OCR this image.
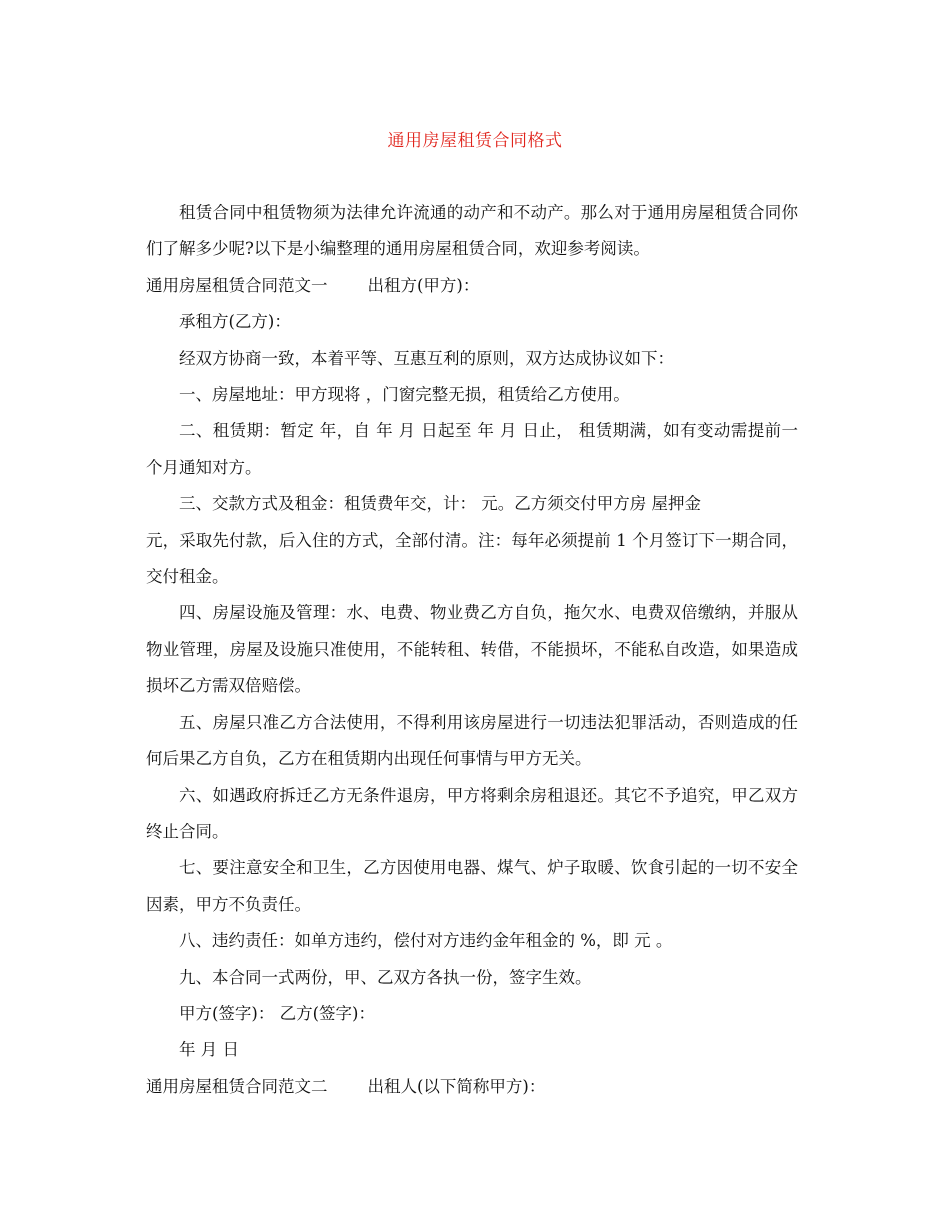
通用房屋租赁合同格式

租赁合同中租赁物须为法律允许流通的动产和不动产。那么对于通用房屋租赁合同你们了解多少呢?以下是小编整理的通用房屋租赁合同，欢迎参考阅读。

通用房屋租赁合同范文一 出租方(甲方)：

承租方(乙方)：

经双方协商一致，本着平等、互惠互利的原则，双方达成协议如下：

一、房屋地址：甲方现将 ，门窗完整无损，租赁给乙方使用。

二、租赁期：暂定 年，自 年 月 日起至 年 月 日止， 租赁期满，如有变动需提前一个月通知对方。

三、交款方式及租金：租赁费年交，计： 元。乙方须交付甲方房 屋押金

元，采取先付款，后入住的方式，全部付清。注：每年必须提前 1 个月签订下一期合同，交付租金。

四、房屋设施及管理：水、电费、物业费乙方自负，拖欠水、电费双倍缴纳，并服从物业管理，房屋及设施只准使用，不能转租、转借，不能损坏，不能私自改造，如果造成损坏乙方需双倍赔偿。

五、房屋只准乙方合法使用，不得利用该房屋进行一切违法犯罪活动，否则造成的任何后果乙方自负，乙方在租赁期内出现任何事情与甲方无关。

六、如遇政府拆迁乙方无条件退房，甲方将剩余房租退还。其它不予追究，甲乙双方终止合同。

七、要注意安全和卫生，乙方因使用电器、煤气、炉子取暖、饮食引起的一切不安全因素，甲方不负责任。

八、违约责任：如单方违约，偿付对方违约金年租金的 %，即 元 。

九、本合同一式两份，甲、乙双方各执一份，签字生效。

甲方(签字)： 乙方(签字)：

年 月 日

通用房屋租赁合同范文二 出租人(以下简称甲方)：
